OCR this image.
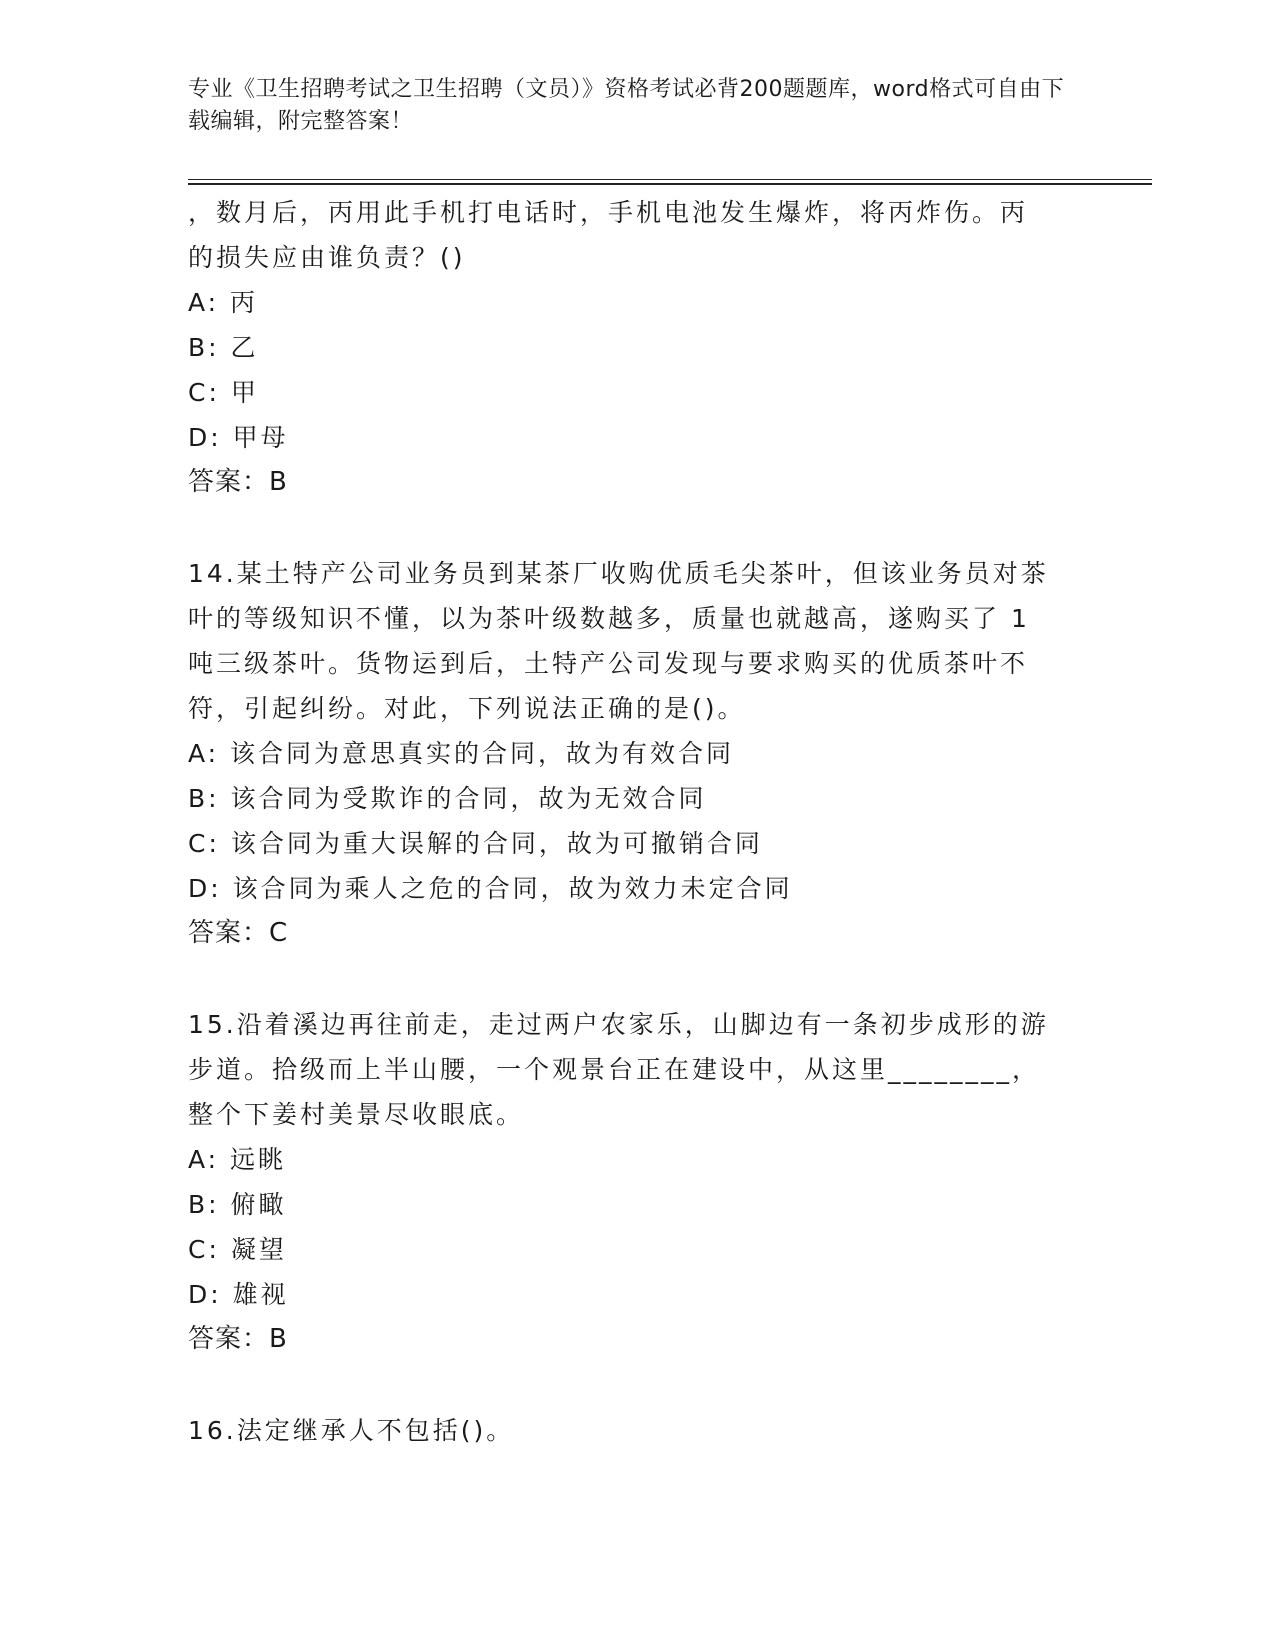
专业《卫生招聘考试之卫生招聘（文员）》资格考试必背200题题库，word格式可自由下载编辑，附完整答案！
，数月后，丙用此手机打电话时，手机电池发生爆炸，将丙炸伤。丙
的损失应由谁负责？()
A: 丙
B: 乙
C: 甲
D: 甲母
答案：B
14.某土特产公司业务员到某茶厂收购优质毛尖茶叶，但该业务员对茶
叶的等级知识不懂，以为茶叶级数越多，质量也就越高，遂购买了 1
吨三级茶叶。货物运到后，土特产公司发现与要求购买的优质茶叶不
符，引起纠纷。对此，下列说法正确的是()。
A: 该合同为意思真实的合同，故为有效合同
B: 该合同为受欺诈的合同，故为无效合同
C: 该合同为重大误解的合同，故为可撤销合同
D: 该合同为乘人之危的合同，故为效力未定合同
答案：C
15.沿着溪边再往前走，走过两户农家乐，山脚边有一条初步成形的游
步道。拾级而上半山腰，一个观景台正在建设中，从这里________，
整个下姜村美景尽收眼底。
A: 远眺
B: 俯瞰
C: 凝望
D: 雄视
答案：B
16.法定继承人不包括()。
